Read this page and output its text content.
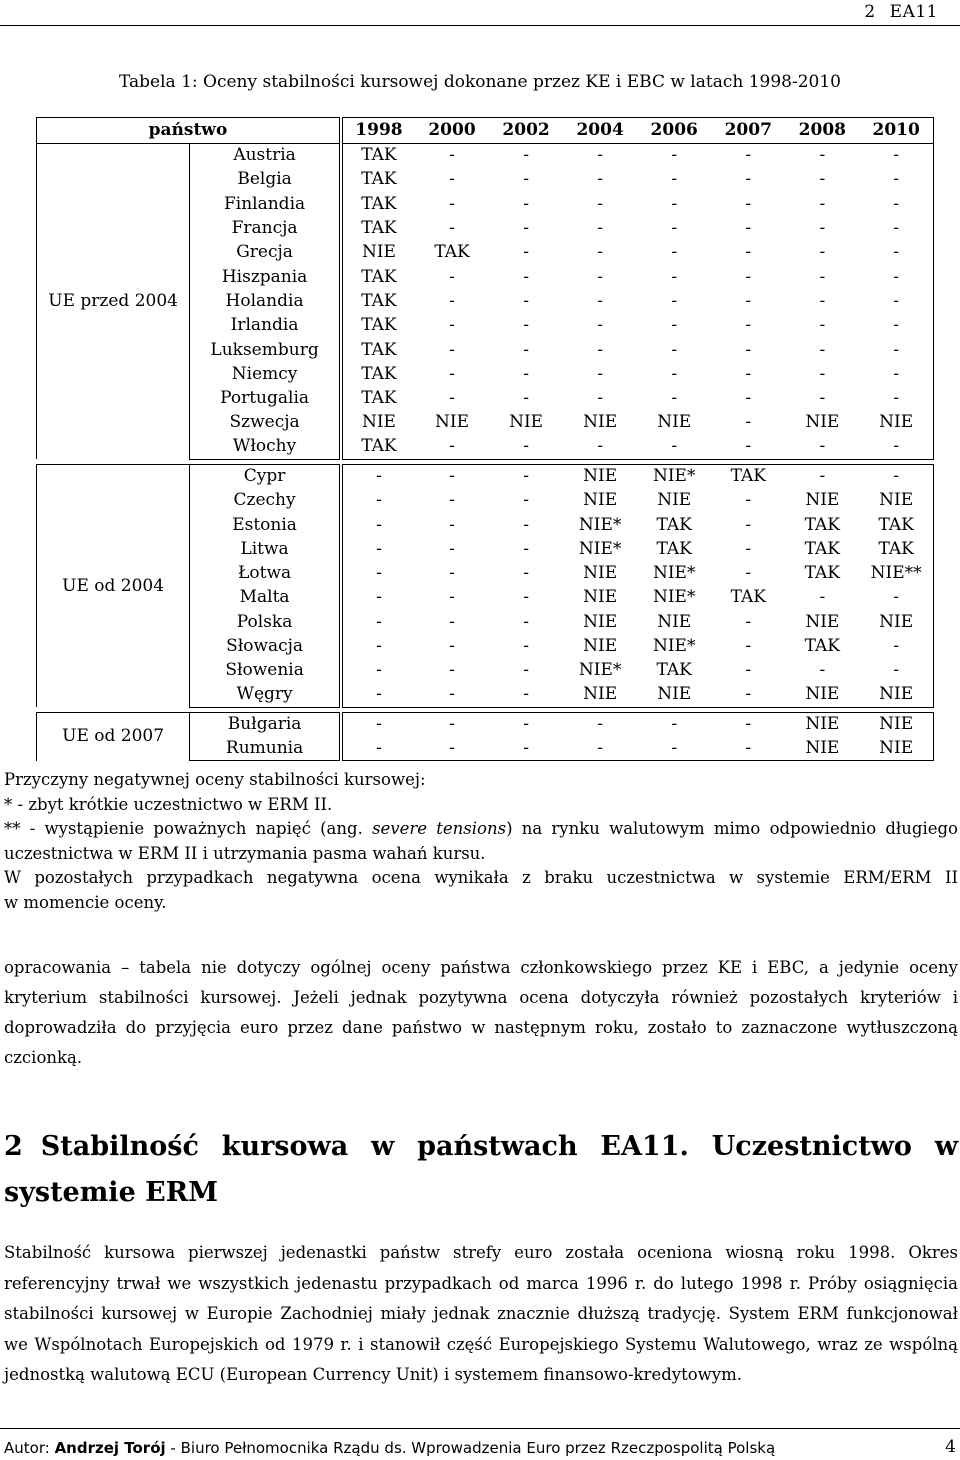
2 EA11
Tabela 1: Oceny stabilności kursowej dokonane przez KE i EBC w latach 1998-2010
państwo		1998	2000	2002	2004	2006	2007	2008	2010
UE przed 2004	Austria	TAK	-	-	-	-	-	-	-
	Belgia	TAK	-	-	-	-	-	-	-
	Finlandia	TAK	-	-	-	-	-	-	-
	Francja	TAK	-	-	-	-	-	-	-
	Grecja	NIE	TAK	-	-	-	-	-	-
	Hiszpania	TAK	-	-	-	-	-	-	-
	Holandia	TAK	-	-	-	-	-	-	-
	Irlandia	TAK	-	-	-	-	-	-	-
	Luksemburg	TAK	-	-	-	-	-	-	-
	Niemcy	TAK	-	-	-	-	-	-	-
	Portugalia	TAK	-	-	-	-	-	-	-
	Szwecja	NIE	NIE	NIE	NIE	NIE	-	NIE	NIE
	Włochy	TAK	-	-	-	-	-	-	-

UE od 2004	Cypr	-	-	-	NIE	NIE*	TAK	-	-
	Czechy	-	-	-	NIE	NIE	-	NIE	NIE
	Estonia	-	-	-	NIE*	TAK	-	TAK	TAK
	Litwa	-	-	-	NIE*	TAK	-	TAK	TAK
	Łotwa	-	-	-	NIE	NIE*	-	TAK	NIE**
	Malta	-	-	-	NIE	NIE*	TAK	-	-
	Polska	-	-	-	NIE	NIE	-	NIE	NIE
	Słowacja	-	-	-	NIE	NIE*	-	TAK	-
	Słowenia	-	-	-	NIE*	TAK	-	-	-
	Węgry	-	-	-	NIE	NIE	-	NIE	NIE

UE od 2007	Bułgaria	-	-	-	-	-	-	NIE	NIE
	Rumunia	-	-	-	-	-	-	NIE	NIE

Przyczyny negatywnej oceny stabilności kursowej:

* - zbyt krótkie uczestnictwo w ERM II.

** - wystąpienie poważnych napięć (ang. severe tensions) na rynku walutowym mimo odpowiednio długiego

uczestnictwa w ERM II i utrzymania pasma wahań kursu.

W pozostałych przypadkach negatywna ocena wynikała z braku uczestnictwa w systemie ERM/ERM II

w momencie oceny.

opracowania – tabela nie dotyczy ogólnej oceny państwa członkowskiego przez KE i EBC, a jedynie oceny kryterium stabilności kursowej. Jeżeli jednak pozytywna ocena dotyczyła również pozostałych kryteriów i doprowadziła do przyjęcia euro przez dane państwo w następnym roku, zostało to zaznaczone wytłuszczoną czcionką.
2 Stabilność kursowa w państwach EA11. Uczestnictwo w systemie ERM
Stabilność kursowa pierwszej jedenastki państw strefy euro została oceniona wiosną roku 1998. Okres referencyjny trwał we wszystkich jedenastu przypadkach od marca 1996 r. do lutego 1998 r. Próby osiągnięcia stabilności kursowej w Europie Zachodniej miały jednak znacznie dłuższą tradycję. System ERM funkcjonował we Wspólnotach Europejskich od 1979 r. i stanowił część Europejskiego Systemu Walutowego, wraz ze wspólną jednostką walutową ECU (European Currency Unit) i systemem finansowo-kredytowym.
Autor: Andrzej Torój - Biuro Pełnomocnika Rządu ds. Wprowadzenia Euro przez Rzeczpospolitą Polską	4
